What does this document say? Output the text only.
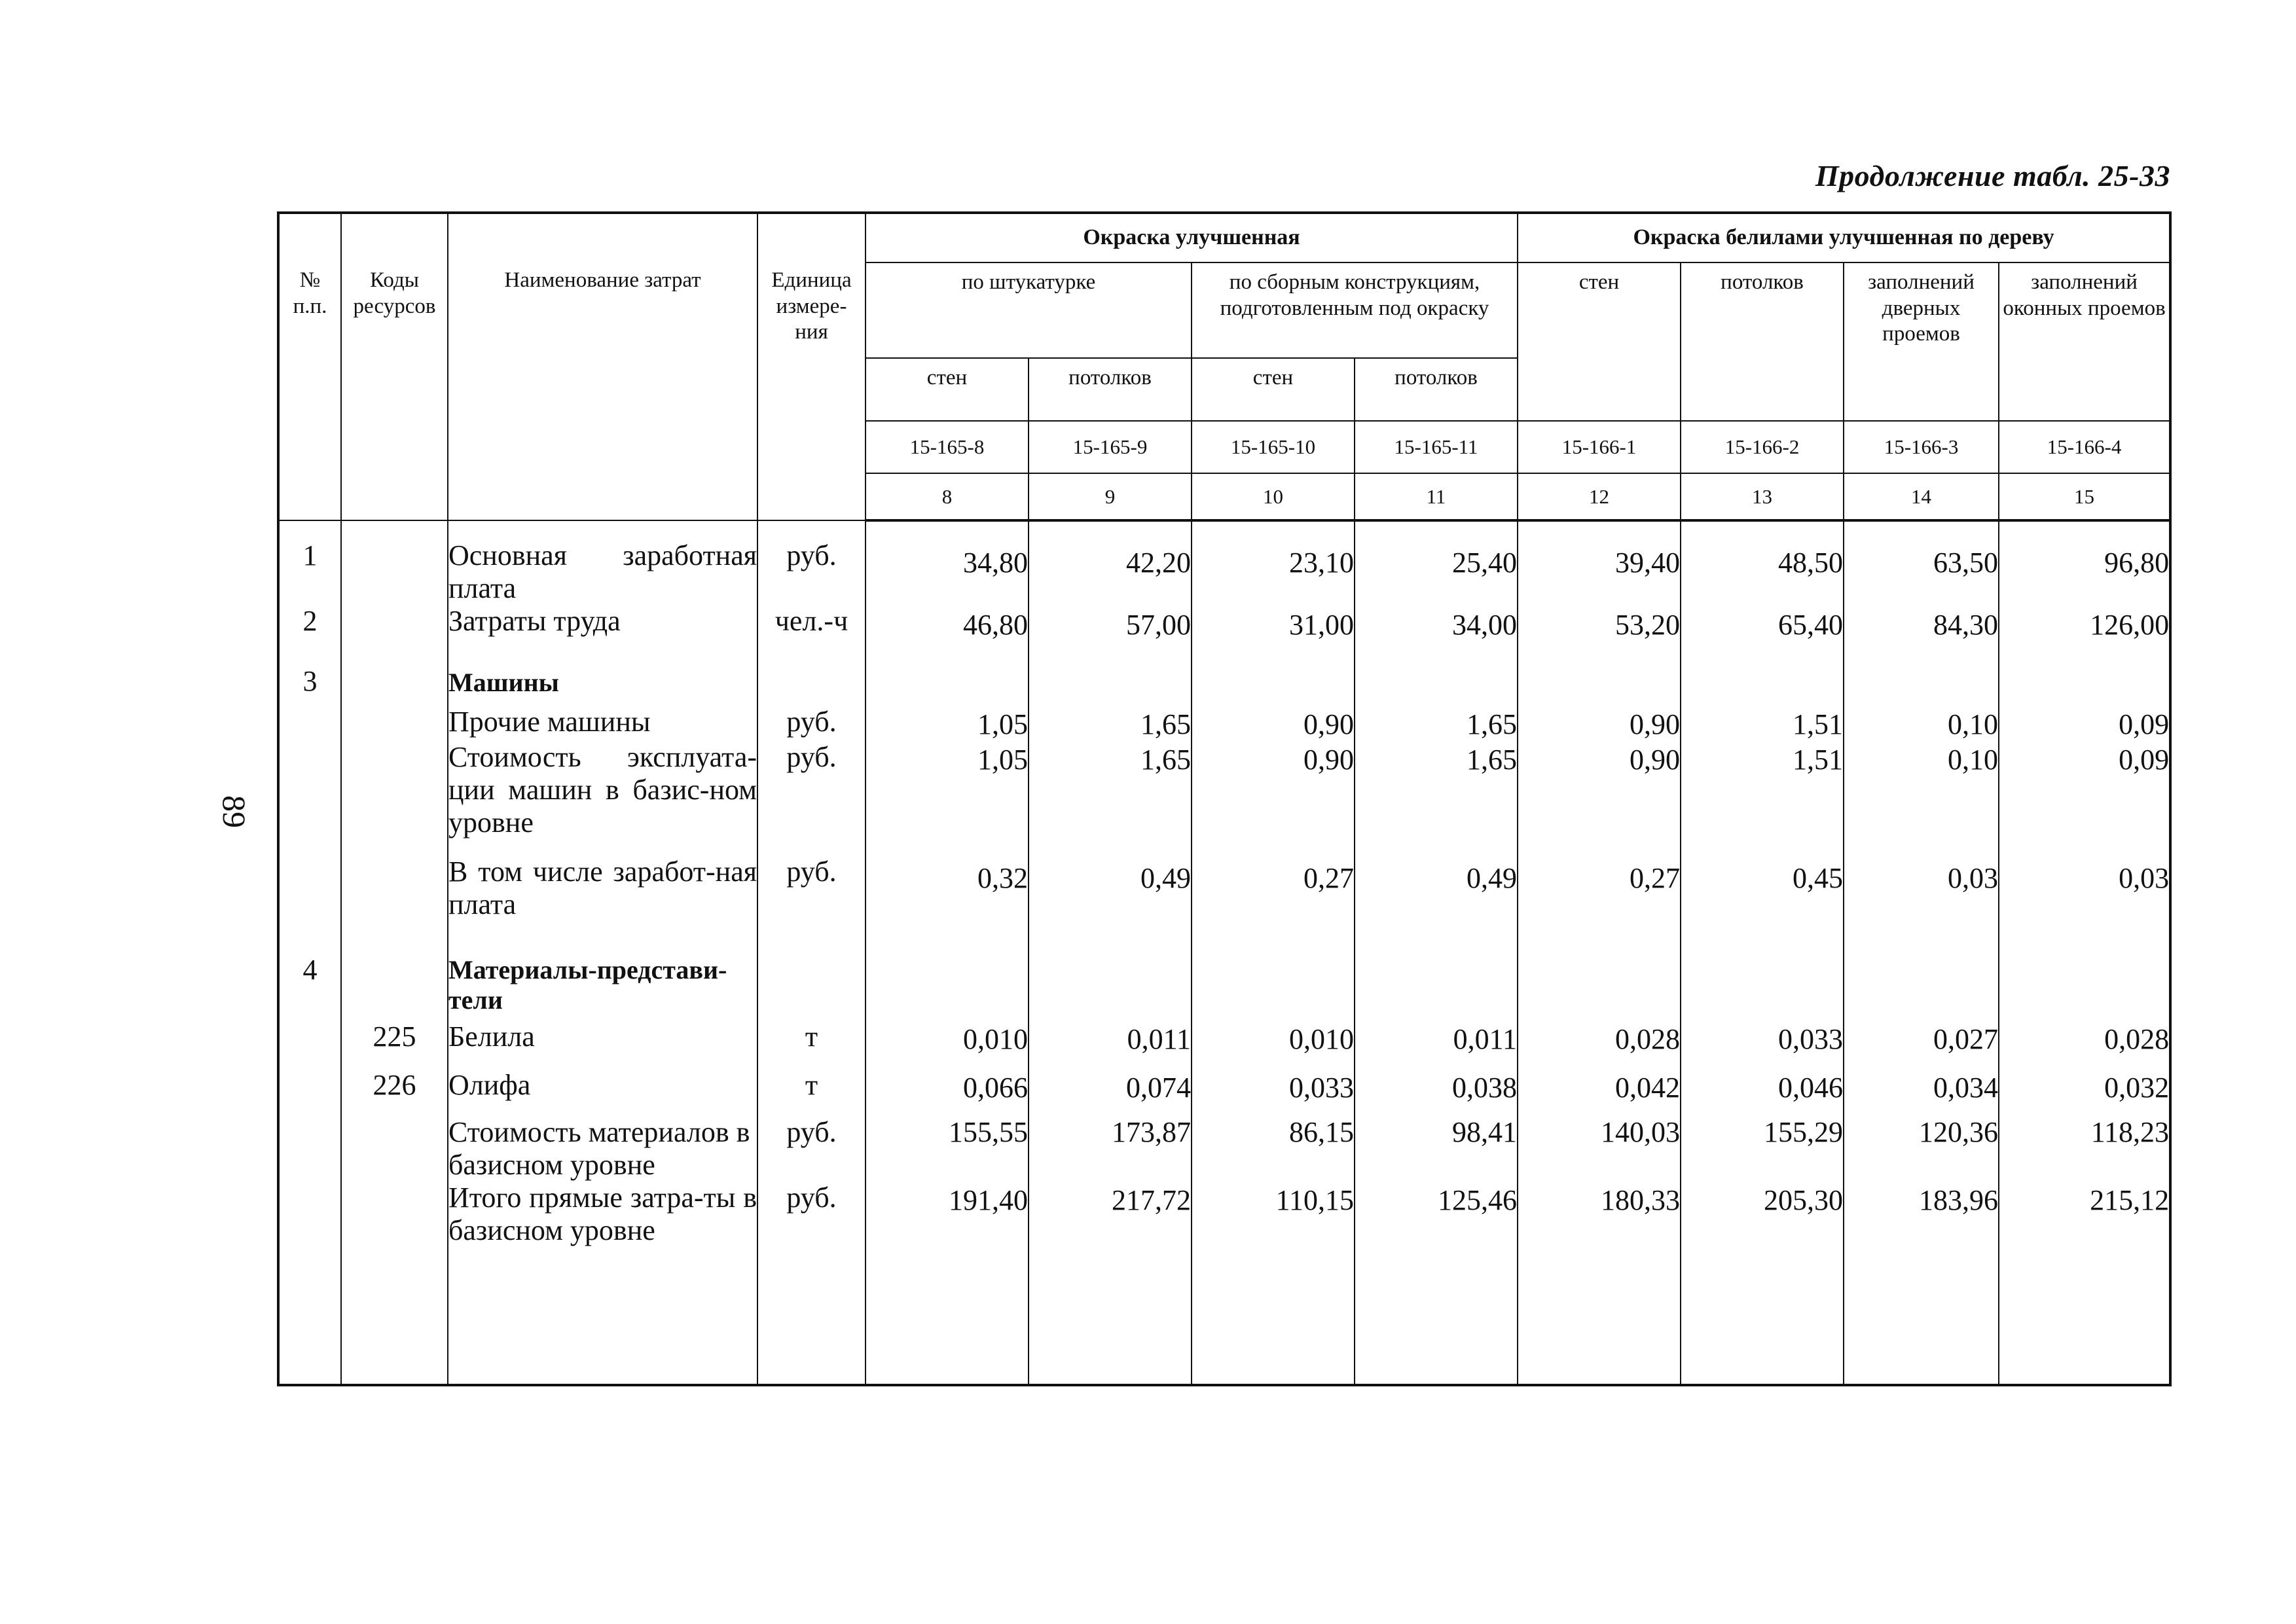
Продолжение табл. 25-33
89
№ п.п.	Коды ресурсов	Наименование затрат	Единица измере-ния	Окраска улучшенная				Окраска белилами улучшенная по дереву			
				по штукатурке		по сборным конструкциям, подготовленным под окраску		стен	потолков	заполнений дверных проемов	заполнений оконных проемов
				стен	потолков	стен	потолков				
				15-165-8	15-165-9	15-165-10	15-165-11	15-166-1	15-166-2	15-166-3	15-166-4
				8	9	10	11	12	13	14	15
1		Основная заработная плата	руб.	34,80	42,20	23,10	25,40	39,40	48,50	63,50	96,80
2		Затраты труда	чел.-ч	46,80	57,00	31,00	34,00	53,20	65,40	84,30	126,00
3		Машины									
		Прочие машины	руб.	1,05	1,65	0,90	1,65	0,90	1,51	0,10	0,09
		Стоимость эксплуата-ции машин в базис-ном уровне	руб.	1,05	1,65	0,90	1,65	0,90	1,51	0,10	0,09
		В том числе заработ-ная плата	руб.	0,32	0,49	0,27	0,49	0,27	0,45	0,03	0,03
4		Материалы-представи-тели									
	225	Белила	т	0,010	0,011	0,010	0,011	0,028	0,033	0,027	0,028
	226	Олифа	т	0,066	0,074	0,033	0,038	0,042	0,046	0,034	0,032
		Стоимость материалов в базисном уровне	руб.	155,55	173,87	86,15	98,41	140,03	155,29	120,36	118,23
		Итого прямые затра-ты в базисном уровне	руб.	191,40	217,72	110,15	125,46	180,33	205,30	183,96	215,12
